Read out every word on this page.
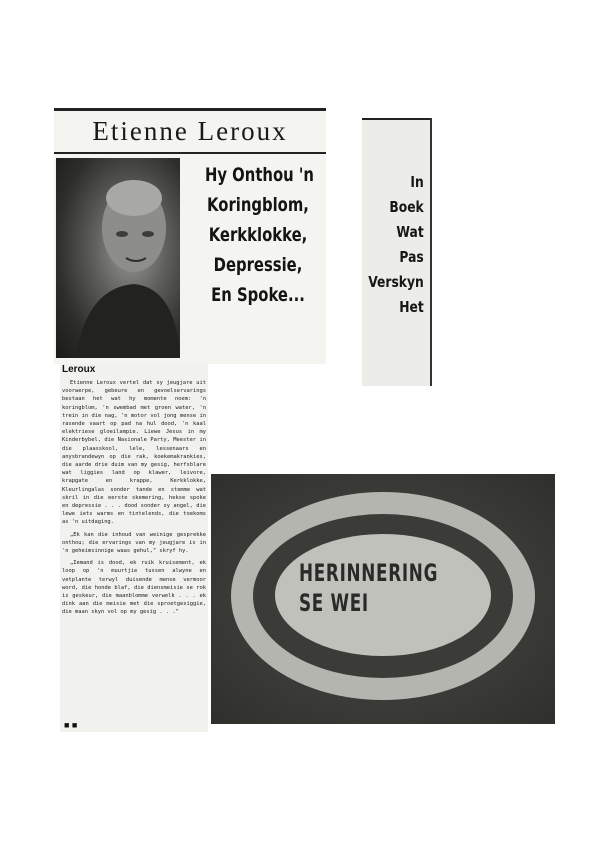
Etienne Leroux
Hy Onthou 'n
Koringblom,
Kerkklokke,
Depressie,
En Spoke...
In
Boek
Wat
Pas
Verskyn
Het
Leroux

Etienne Leroux vertel dat sy jeugjare uit voorwerpe, gebeure en gevoelservarings bestaan het wat hy momente noem: 'n koringblom, 'n swembad met groen water, 'n trein in die nag, 'n motor vol jong mense in rasende vaart op pad na hul dood, 'n kaal elektriese gloeilampie. Liewe Jesus in my Kinderbybel, die Nasionale Party, Meester in die plaasskool, lele, lessenaars en anysbrandewyn op die rak, koekemakrankies, die aarde drie duim van my gesig, herfsblare wat liggies land op klawer, leivore, krapgate en krappe, Kerkklokke, Kleurlingalas sonder tande en stemme wat skril in die eerste skemering, hekse spoke en depressie . . . dood sonder sy angel, die lewe iets warms en tintelends, die toekoms as 'n uitdaging.

„Ek kan die inhoud van weinige gesprekke onthou; die ervarings van my jeugjare is in 'n geheimsinnige waas gehul," skryf hy.

„Iemand is dood, ek ruik kruisement, ek loop op 'n muurtjie tussen alwyne en vetplante terwyl duisende mense vermoor word, die honde blaf, die diensmeisie se rok is geskeur, die maanblomme verwelk . . . ek dink aan die meisie met die sproetgesiggie, die maan skyn vol op my gesig . . ."

■ ■
HERINNERING
SE WEI
